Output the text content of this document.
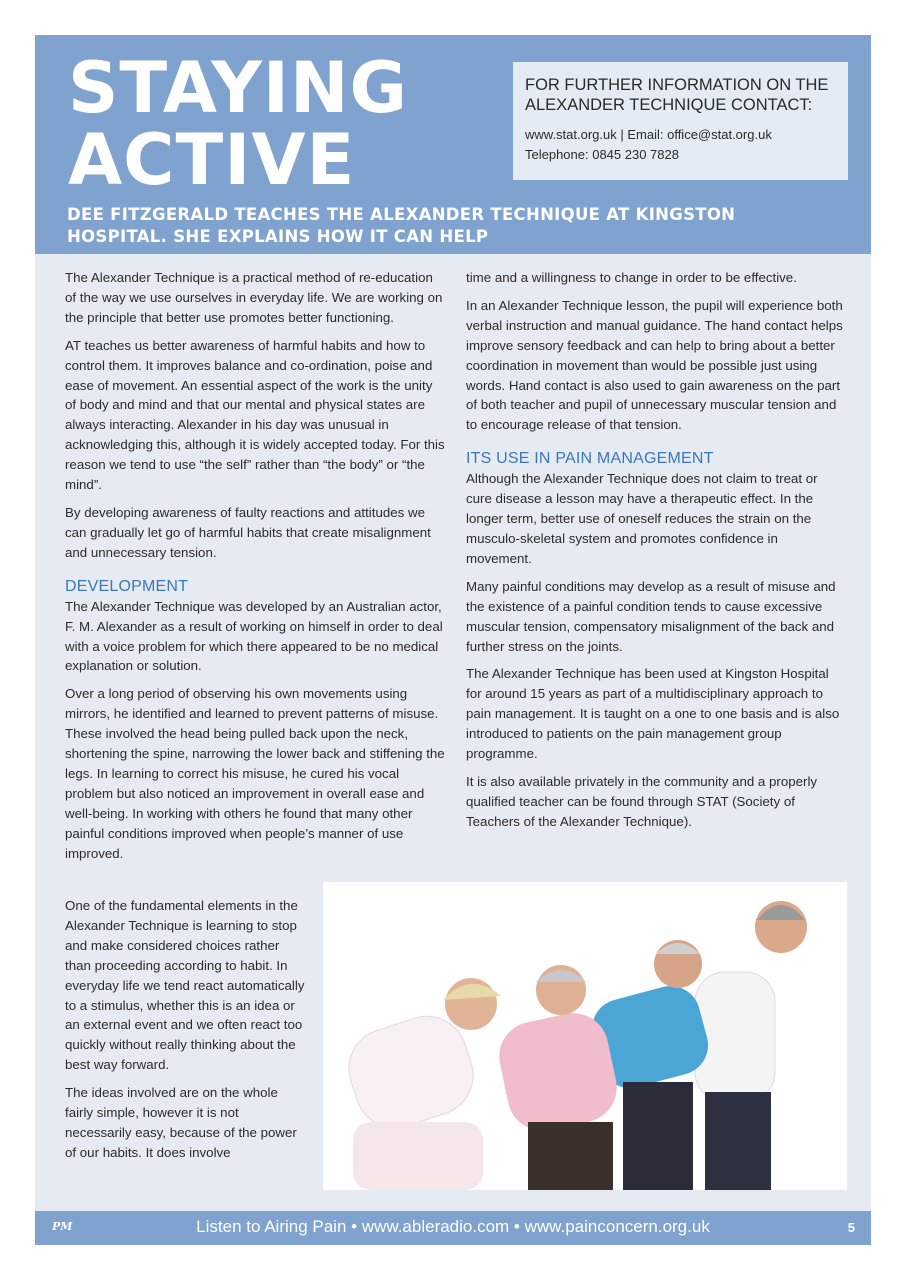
STAYING
ACTIVE
DEE FITZGERALD TEACHES THE ALEXANDER TECHNIQUE AT KINGSTON HOSPITAL. SHE EXPLAINS HOW IT CAN HELP
FOR FURTHER INFORMATION ON THE ALEXANDER TECHNIQUE CONTACT:
www.stat.org.uk | Email: office@stat.org.uk
Telephone: 0845 230 7828

The Alexander Technique is a practical method of re-education of the way we use ourselves in everyday life. We are working on the principle that better use promotes better functioning.

AT teaches us better awareness of harmful habits and how to control them. It improves balance and co-ordination, poise and ease of movement. An essential aspect of the work is the unity of body and mind and that our mental and physical states are always interacting. Alexander in his day was unusual in acknowledging this, although it is widely accepted today. For this reason we tend to use “the self” rather than “the body” or “the mind”.

By developing awareness of faulty reactions and attitudes we can gradually let go of harmful habits that create misalignment and unnecessary tension.

DEVELOPMENT

The Alexander Technique was developed by an Australian actor, F. M. Alexander as a result of working on himself in order to deal with a voice problem for which there appeared to be no medical explanation or solution.

Over a long period of observing his own movements using mirrors, he identified and learned to prevent patterns of misuse. These involved the head being pulled back upon the neck, shortening the spine, narrowing the lower back and stiffening the legs. In learning to correct his misuse, he cured his vocal problem but also noticed an improvement in overall ease and well-being. In working with others he found that many other painful conditions improved when people’s manner of use improved.

One of the fundamental elements in the Alexander Technique is learning to stop and make considered choices rather than proceeding according to habit. In everyday life we tend react automatically to a stimulus, whether this is an idea or an external event and we often react too quickly without really thinking about the best way forward.

The ideas involved are on the whole fairly simple, however it is not necessarily easy, because of the power of our habits. It does involve

time and a willingness to change in order to be effective.

In an Alexander Technique lesson, the pupil will experience both verbal instruction and manual guidance. The hand contact helps improve sensory feedback and can help to bring about a better coordination in movement than would be possible just using words. Hand contact is also used to gain awareness on the part of both teacher and pupil of unnecessary muscular tension and to encourage release of that tension.

ITS USE IN PAIN MANAGEMENT

Although the Alexander Technique does not claim to treat or cure disease a lesson may have a therapeutic effect. In the longer term, better use of oneself reduces the strain on the musculo-skeletal system and promotes confidence in movement.

Many painful conditions may develop as a result of misuse and the existence of a painful condition tends to cause excessive muscular tension, compensatory misalignment of the back and further stress on the joints.

The Alexander Technique has been used at Kingston Hospital for around 15 years as part of a multidisciplinary approach to pain management. It is taught on a one to one basis and is also introduced to patients on the pain management group programme.

It is also available privately in the community and a properly qualified teacher can be found through STAT (Society of Teachers of the Alexander Technique).

PM	Listen to Airing Pain • www.ableradio.com • www.painconcern.org.uk	5
